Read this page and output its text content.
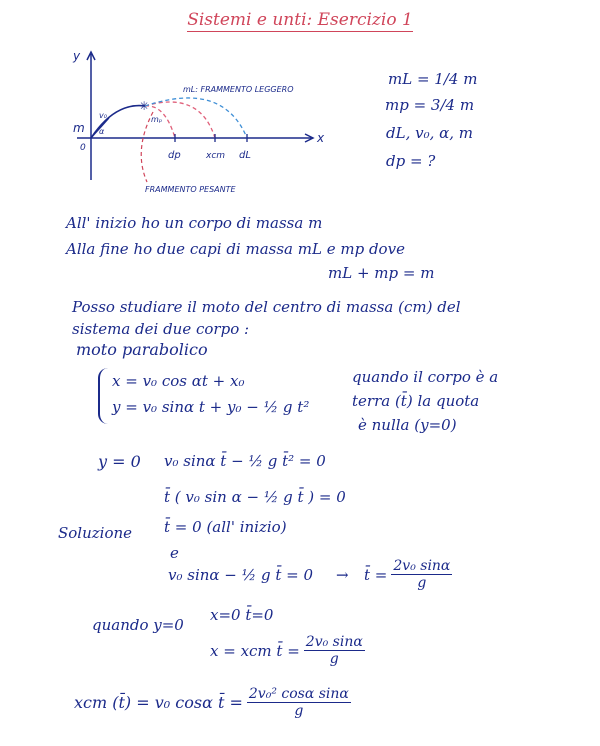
Sistemi e unti: Esercizio 1
y
x
0
m
v₀
α
✳
mₚ
mL: FRAMMENTO LEGGERO
dp	xcm dL
FRAMMENTO PESANTE
mL = 1/4 m
mp = 3/4 m
dL, v₀, α, m
dp = ?
All' inizio ho un corpo di massa m
Alla fine ho due capi di massa mL e mp dove
mL + mp = m
Posso studiare il moto del centro di massa (cm) del
sistema dei due corpo :
moto parabolico
x = v₀ cos αt + x₀
y = v₀ sinα t + y₀ − ½ g t²
quando il corpo è a
terra (t̄) la quota
è nulla (y=0)
y = 0 v₀ sinα t̄ − ½ g t̄² = 0
t̄ ( v₀ sin α − ½ g t̄ ) = 0
Soluzione t̄ = 0 (all' inizio)
e
v₀ sinα − ½ g t̄ = 0 → t̄ = $\frac{\text{2v₀ sinα}}{g}$
quando y=0
x=0 t̄=0
x = xcm t̄ = $\frac{\text{2v₀ sinα}}{g}$
xcm (t̄) = v₀ cosα t̄ = $\frac{\text{2v₀² cosα sinα}}{g}$
